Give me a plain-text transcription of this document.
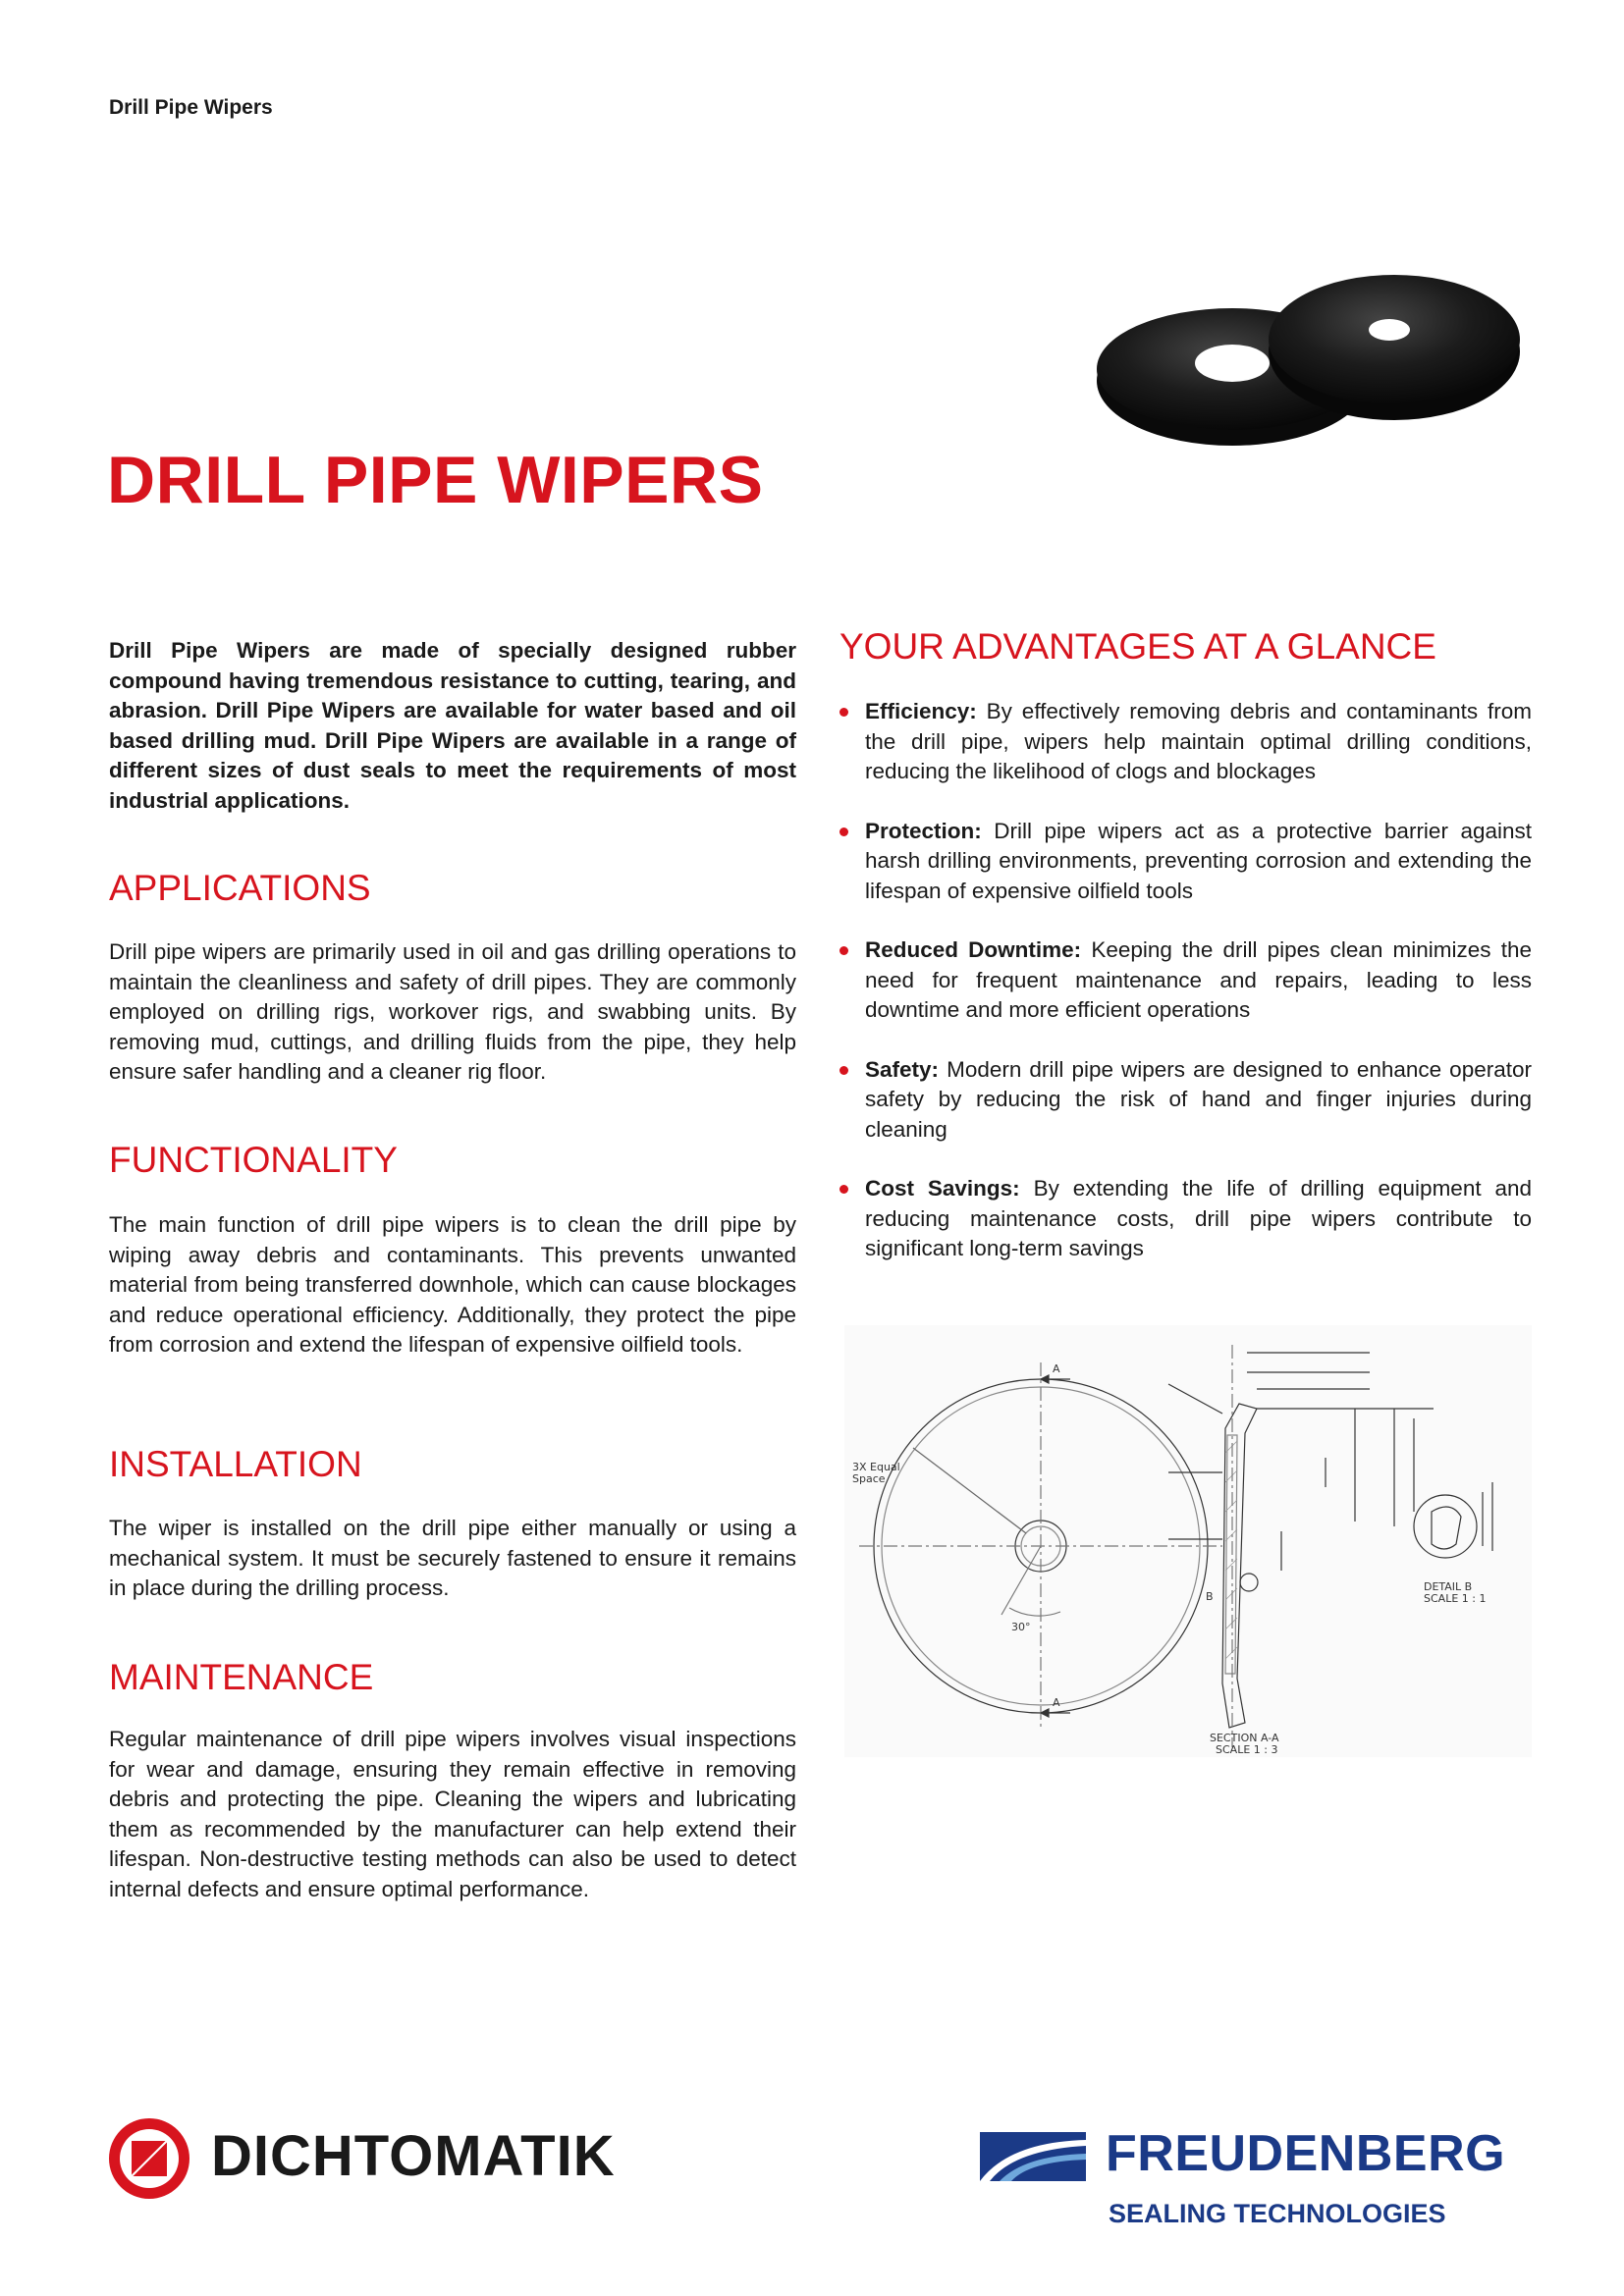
Drill Pipe Wipers
DRILL PIPE WIPERS

Drill Pipe Wipers are made of specially designed rubber compound having tremendous resistance to cutting, tearing, and abrasion. Drill Pipe Wipers are available for water based and oil based drilling mud. Drill Pipe Wipers are available in a range of different sizes of dust seals to meet the requirements of most industrial applications.

APPLICATIONS

Drill pipe wipers are primarily used in oil and gas drilling operations to maintain the cleanliness and safety of drill pipes. They are commonly employed on drilling rigs, workover rigs, and swabbing units. By removing mud, cuttings, and drilling fluids from the pipe, they help ensure safer handling and a cleaner rig floor.

FUNCTIONALITY

The main function of drill pipe wipers is to clean the drill pipe by wiping away debris and contaminants. This prevents unwanted material from being transferred downhole, which can cause blockages and reduce operational efficiency. Additionally, they protect the pipe from corrosion and extend the lifespan of expensive oilfield tools.

INSTALLATION

The wiper is installed on the drill pipe either manually or using a mechanical system. It must be securely fastened to ensure it remains in place during the drilling process.

MAINTENANCE

Regular maintenance of drill pipe wipers involves visual inspections for wear and damage, ensuring they remain effective in removing debris and protecting the pipe. Cleaning the wipers and lubricating them as recommended by the manufacturer can help extend their lifespan. Non-destructive testing methods can also be used to detect internal defects and ensure optimal performance.

YOUR ADVANTAGES AT A GLANCE
Efficiency: By effectively removing debris and contaminants from the drill pipe, wipers help maintain optimal drilling conditions, reducing the likelihood of clogs and blockages
Protection: Drill pipe wipers act as a protective barrier against harsh drilling environments, preventing corrosion and extending the lifespan of expensive oilfield tools
Reduced Downtime: Keeping the drill pipes clean minimizes the need for frequent maintenance and repairs, leading to less downtime and more efficient operations
Safety: Modern drill pipe wipers are designed to enhance operator safety by reducing the risk of hand and finger injuries during cleaning
Cost Savings: By extending the life of drilling equipment and reducing maintenance costs, drill pipe wipers contribute to significant long-term savings
3X Equal
Space
30°
A
A
B
SECTION A-A
SCALE 1 : 3
DETAIL B
SCALE 1 : 1
DICHTOMATIK	FREUDENBERG
SEALING TECHNOLOGIES
